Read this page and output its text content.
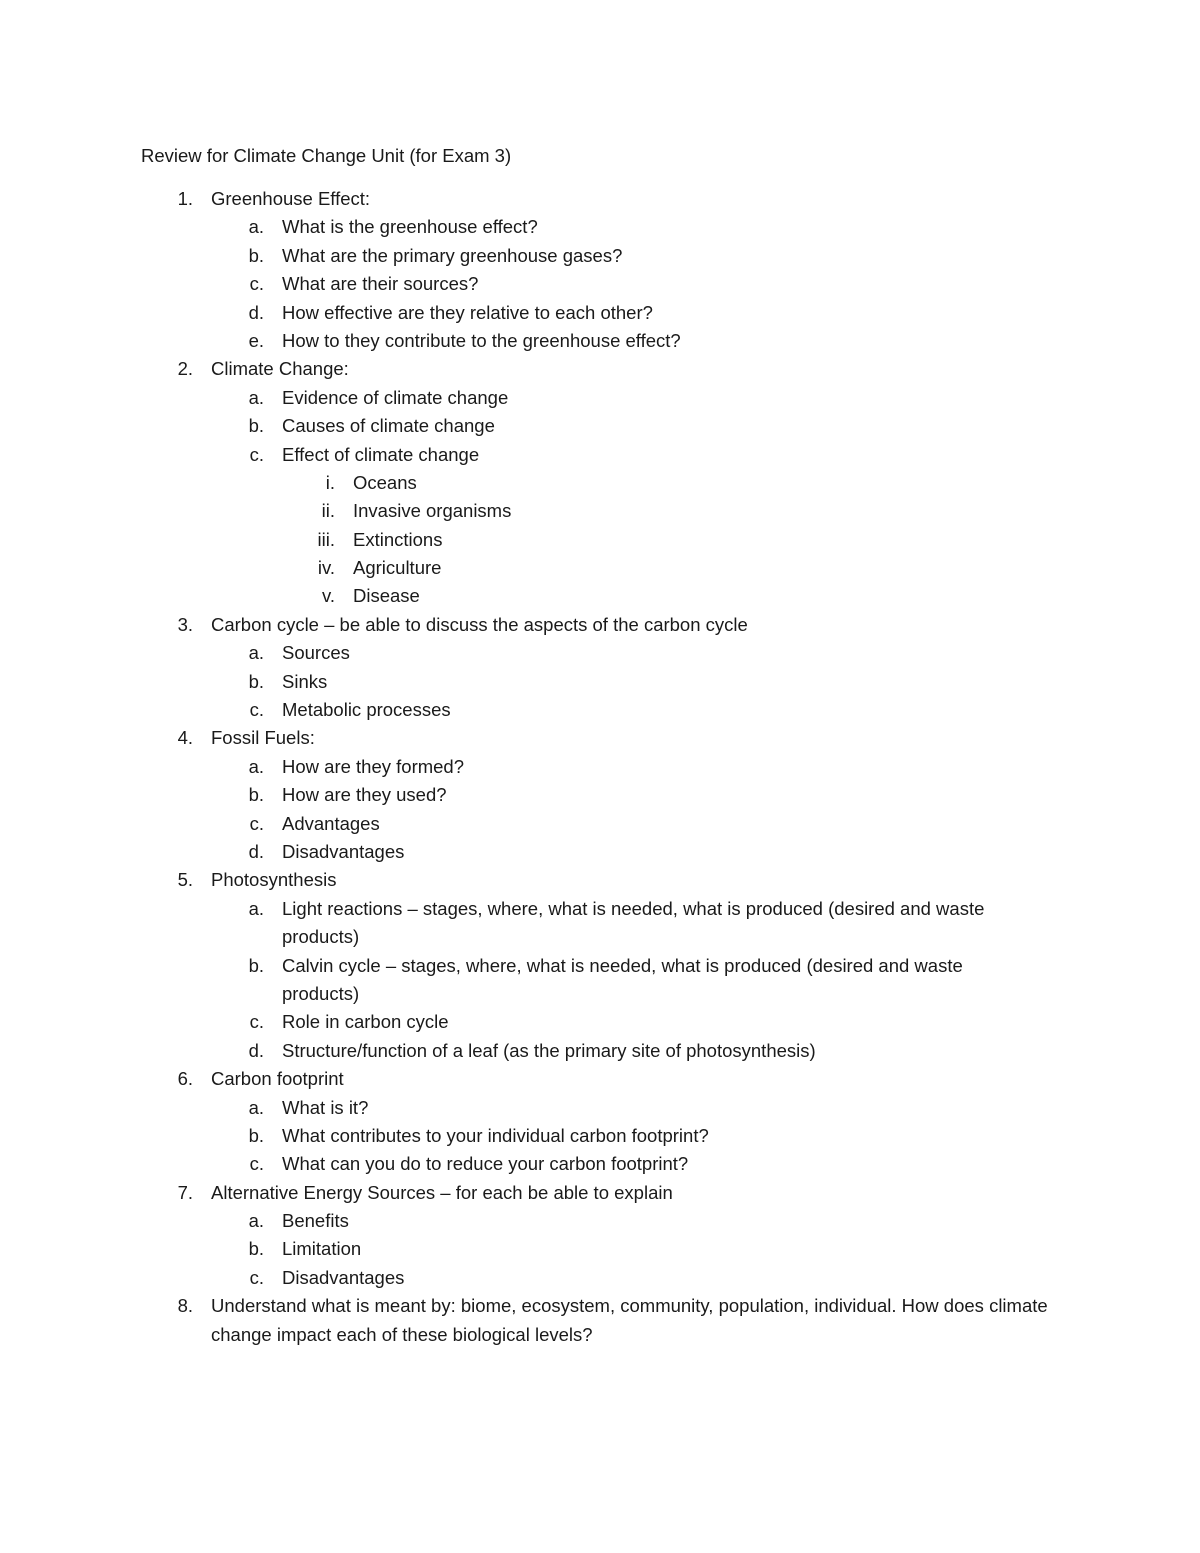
Review for Climate Change Unit (for Exam 3)
1. Greenhouse Effect:
a. What is the greenhouse effect?
b. What are the primary greenhouse gases?
c. What are their sources?
d. How effective are they relative to each other?
e. How to they contribute to the greenhouse effect?
2. Climate Change:
a. Evidence of climate change
b. Causes of climate change
c. Effect of climate change
i. Oceans
ii. Invasive organisms
iii. Extinctions
iv. Agriculture
v. Disease
3. Carbon cycle – be able to discuss the aspects of the carbon cycle
a. Sources
b. Sinks
c. Metabolic processes
4. Fossil Fuels:
a. How are they formed?
b. How are they used?
c. Advantages
d. Disadvantages
5. Photosynthesis
a. Light reactions – stages, where, what is needed, what is produced (desired and waste products)
b. Calvin cycle – stages, where, what is needed, what is produced (desired and waste products)
c. Role in carbon cycle
d. Structure/function of a leaf (as the primary site of photosynthesis)
6. Carbon footprint
a. What is it?
b. What contributes to your individual carbon footprint?
c. What can you do to reduce your carbon footprint?
7. Alternative Energy Sources – for each be able to explain
a. Benefits
b. Limitation
c. Disadvantages
8. Understand what is meant by: biome, ecosystem, community, population, individual. How does climate change impact each of these biological levels?
